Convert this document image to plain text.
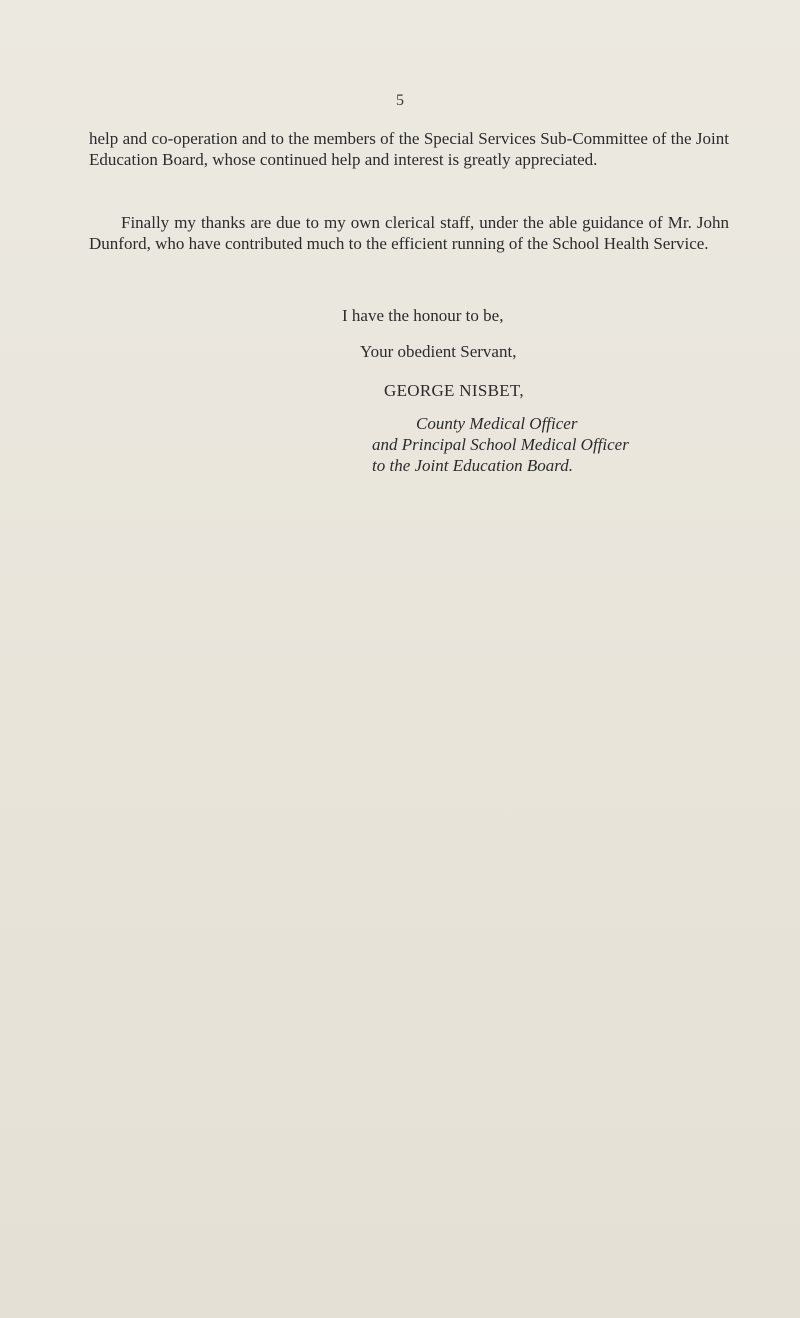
5

help and co-operation and to the members of the Special Services Sub-Committee of the Joint Education Board, whose continued help and interest is greatly appreciated.

Finally my thanks are due to my own clerical staff, under the able guidance of Mr. John Dunford, who have contributed much to the efficient running of the School Health Service.

I have the honour to be,
Your obedient Servant,
GEORGE NISBET,
County Medical Officer
and Principal School Medical Officer
to the Joint Education Board.
